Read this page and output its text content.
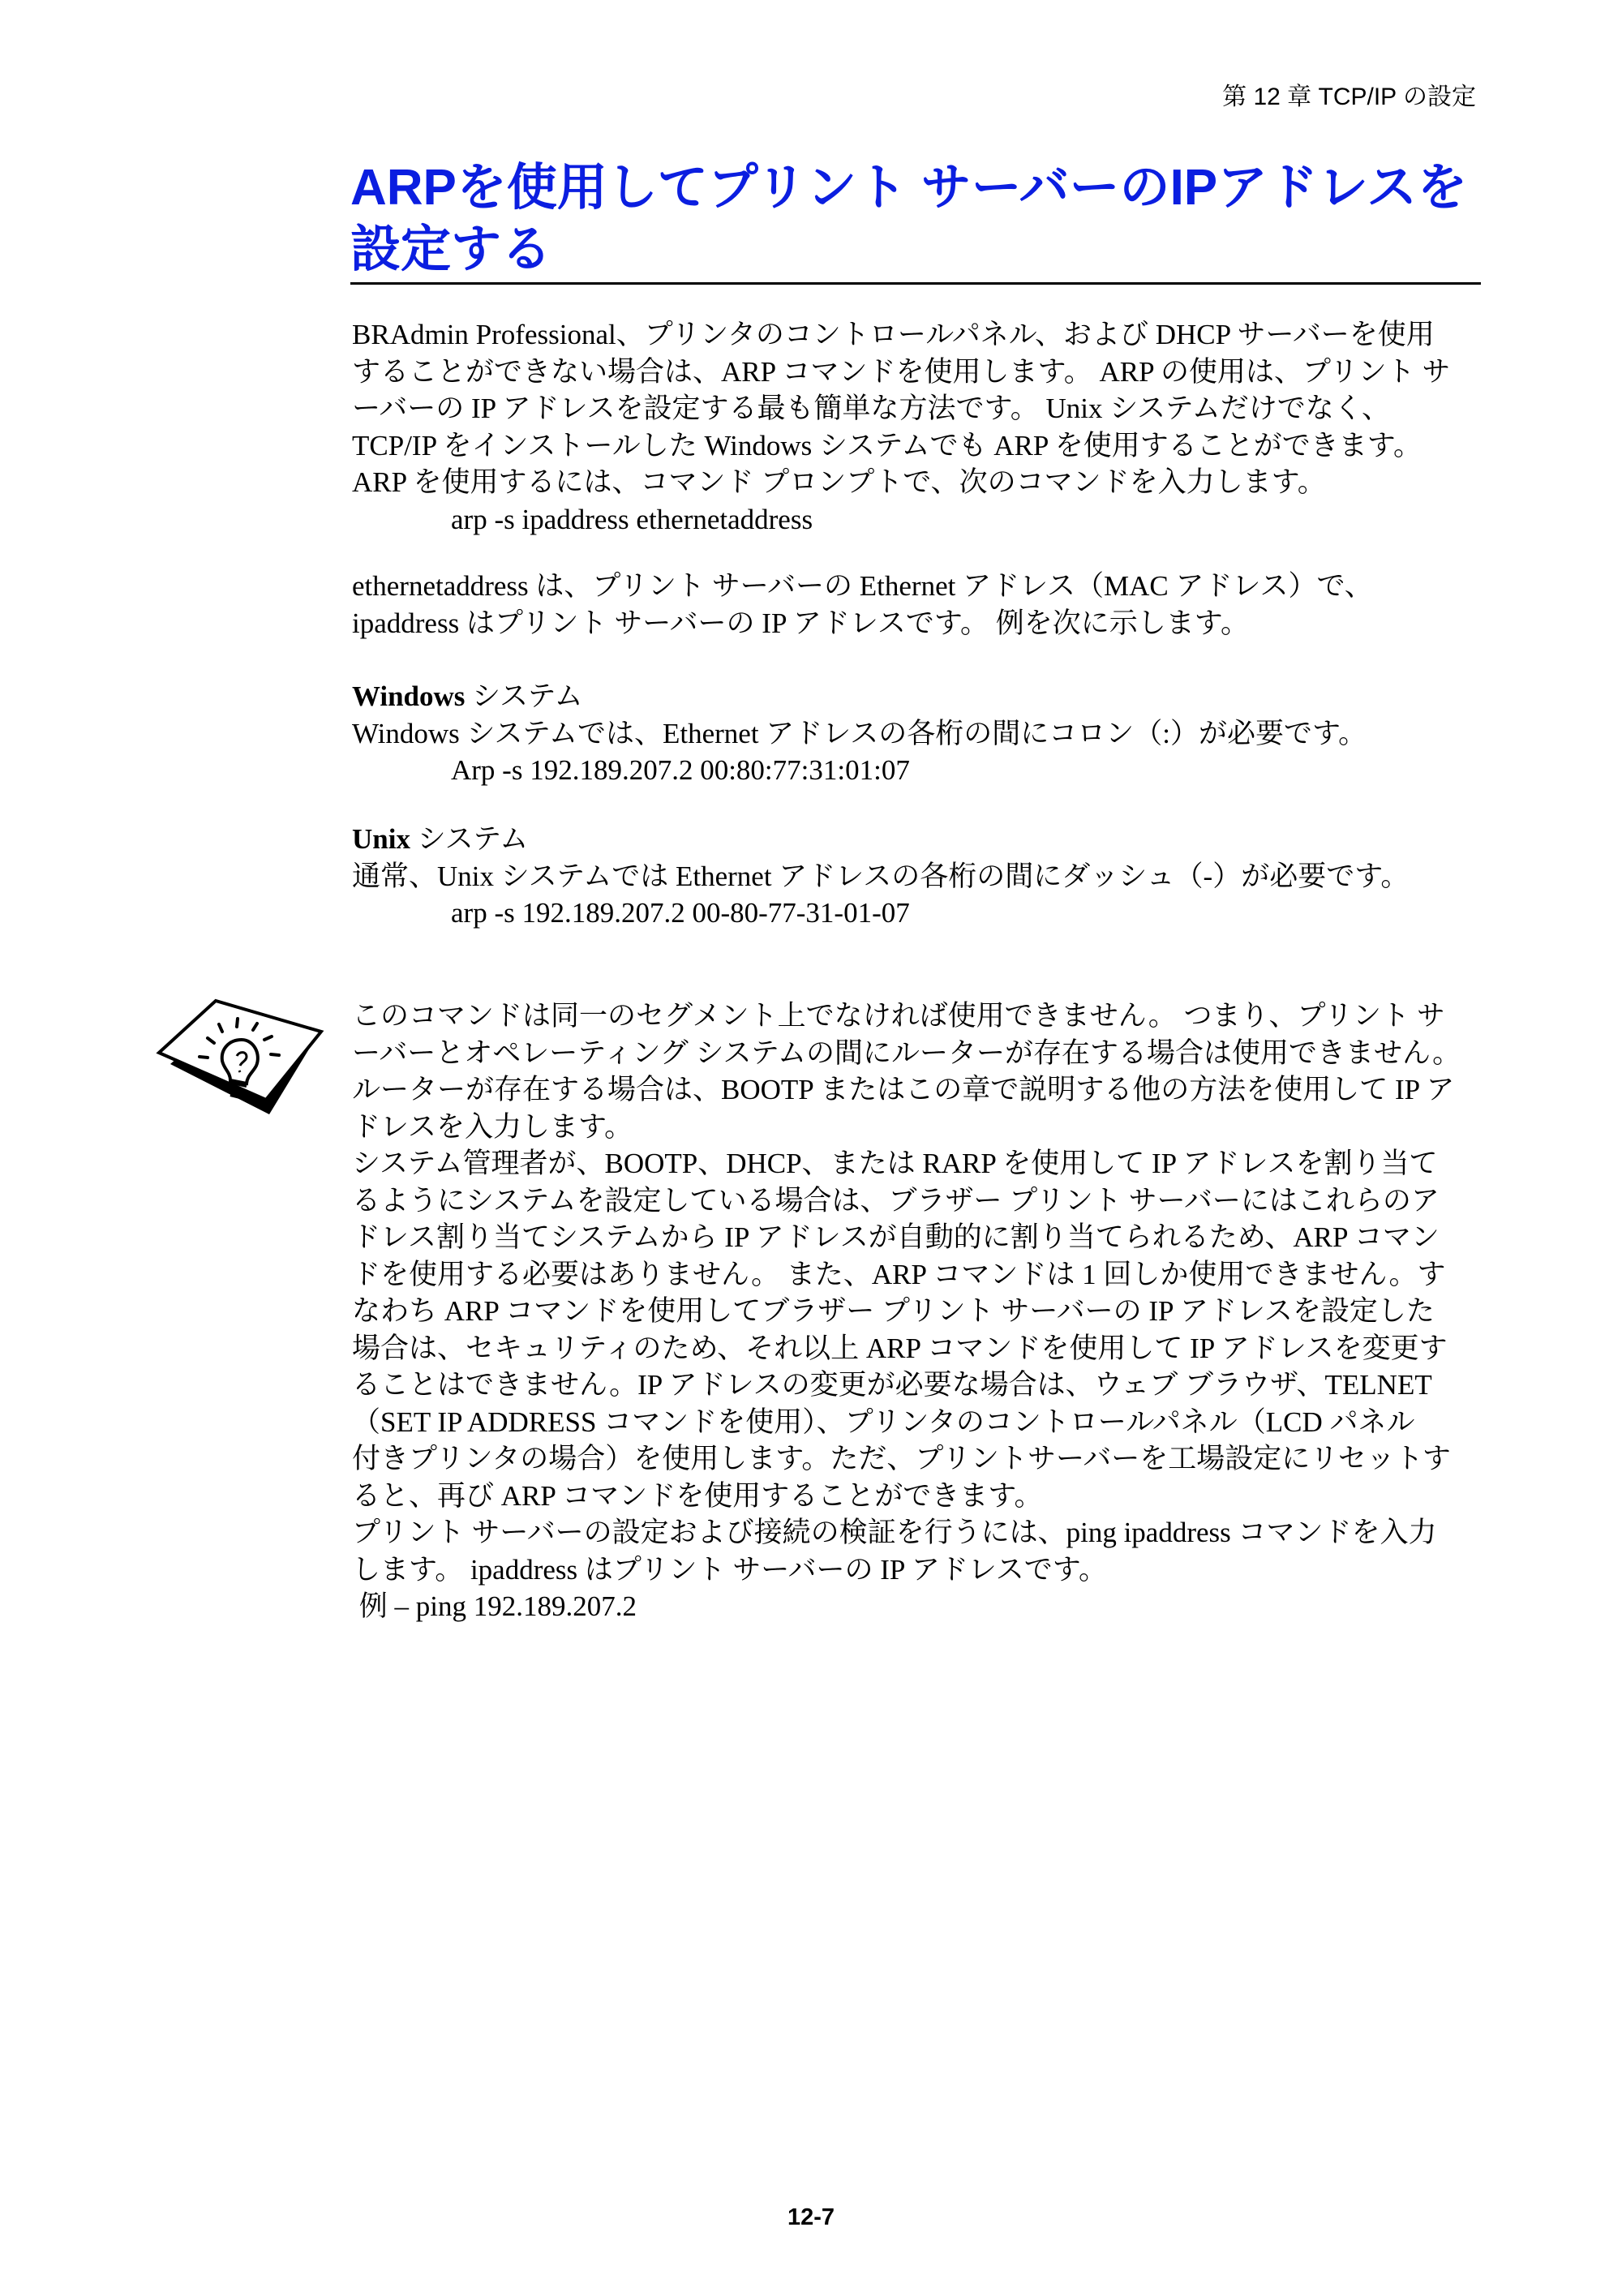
第 12 章 TCP/IP の設定
ARPを使用してプリント サーバーのIPアドレスを
設定する

BRAdmin Professional、プリンタのコントロールパネル、および DHCP サーバーを使用

することができない場合は、ARP コマンドを使用します。 ARP の使用は、プリント サ

ーバーの IP アドレスを設定する最も簡単な方法です。 Unix システムだけでなく、

TCP/IP をインストールした Windows システムでも ARP を使用することができます。

ARP を使用するには、コマンド プロンプトで、次のコマンドを入力します。

arp -s ipaddress ethernetaddress

ethernetaddress は、プリント サーバーの Ethernet アドレス（MAC アドレス）で、

ipaddress はプリント サーバーの IP アドレスです。 例を次に示します。

Windows システム

Windows システムでは、Ethernet アドレスの各桁の間にコロン（:）が必要です。

Arp -s 192.189.207.2 00:80:77:31:01:07

Unix システム

通常、Unix システムでは Ethernet アドレスの各桁の間にダッシュ（-）が必要です。

arp -s 192.189.207.2 00-80-77-31-01-07

このコマンドは同一のセグメント上でなければ使用できません。 つまり、プリント サ

ーバーとオペレーティング システムの間にルーターが存在する場合は使用できません。

ルーターが存在する場合は、BOOTP またはこの章で説明する他の方法を使用して IP ア

ドレスを入力します。

システム管理者が、BOOTP、DHCP、または RARP を使用して IP アドレスを割り当て

るようにシステムを設定している場合は、ブラザー プリント サーバーにはこれらのア

ドレス割り当てシステムから IP アドレスが自動的に割り当てられるため、ARP コマン

ドを使用する必要はありません。 また、ARP コマンドは 1 回しか使用できません。す

なわち ARP コマンドを使用してブラザー プリント サーバーの IP アドレスを設定した

場合は、セキュリティのため、それ以上 ARP コマンドを使用して IP アドレスを変更す

ることはできません。IP アドレスの変更が必要な場合は、ウェブ ブラウザ、TELNET

（SET IP ADDRESS コマンドを使用）、プリンタのコントロールパネル（LCD パネル

付きプリンタの場合）を使用します。ただ、プリントサーバーを工場設定にリセットす

ると、再び ARP コマンドを使用することができます。

プリント サーバーの設定および接続の検証を行うには、ping ipaddress コマンドを入力

します。 ipaddress はプリント サーバーの IP アドレスです。

例 – ping 192.189.207.2

12-7
